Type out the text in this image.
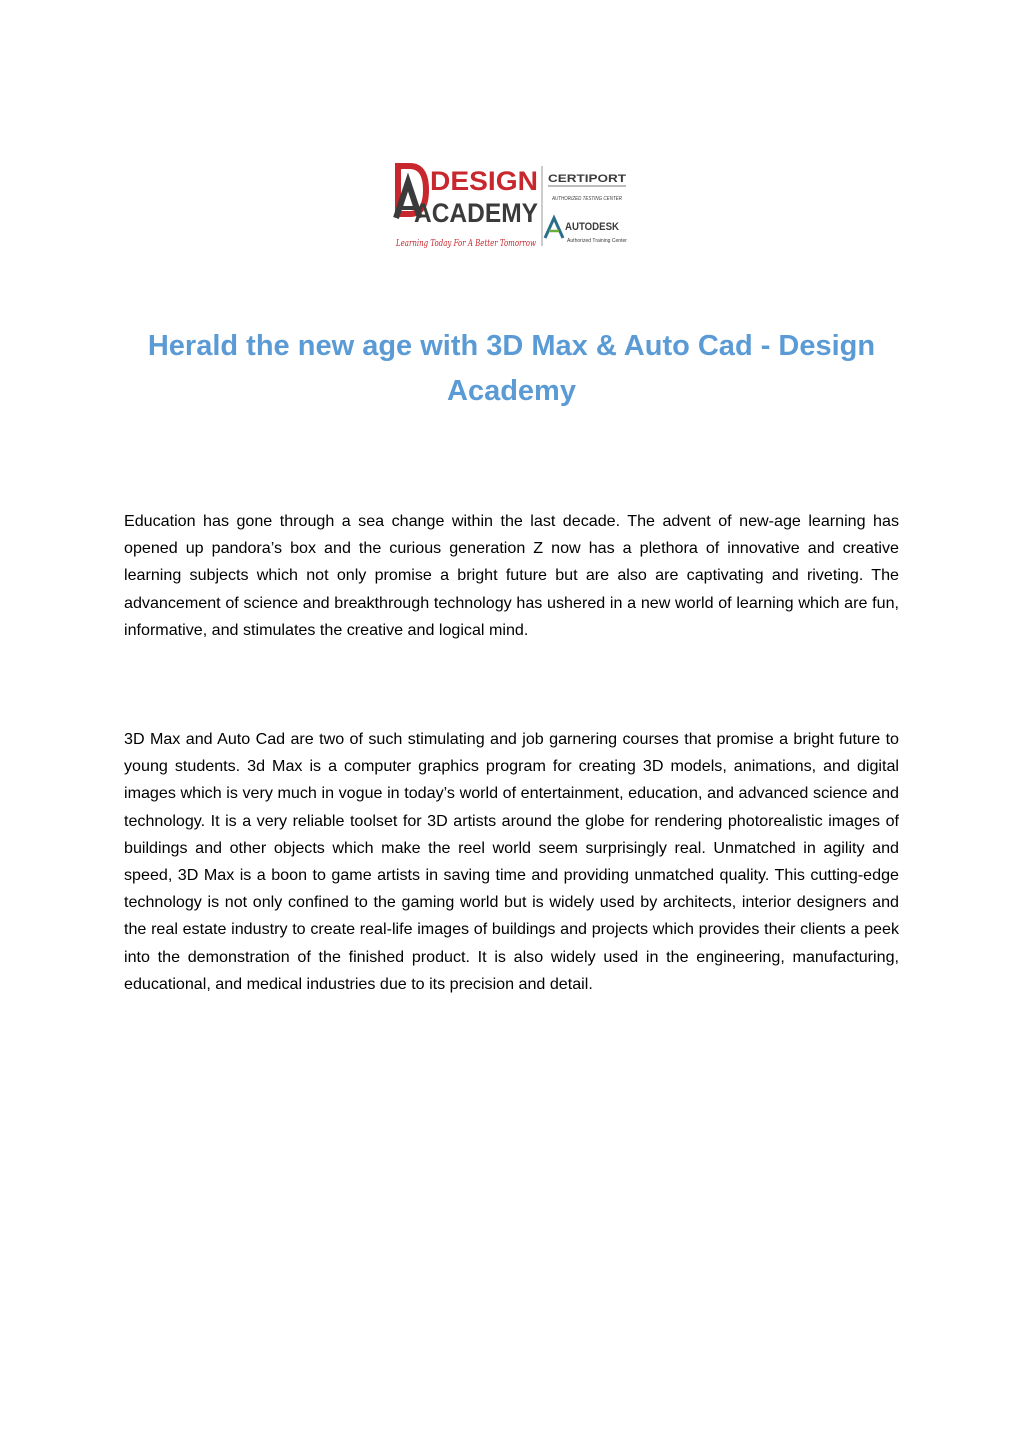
DESIGN
ACADEMY
Learning Today For A Better Tomorrow
CERTIPORT
AUTHORIZED TESTING CENTER
AUTODESK
Authorized Training Center
Herald the new age with 3D Max & Auto Cad - Design Academy

Education has gone through a sea change within the last decade. The advent of new-age learning has opened up pandora’s box and the curious generation Z now has a plethora of innovative and creative learning subjects which not only promise a bright future but are also are captivating and riveting. The advancement of science and breakthrough technology has ushered in a new world of learning which are fun, informative, and stimulates the creative and logical mind.

3D Max and Auto Cad are two of such stimulating and job garnering courses that promise a bright future to young students. 3d Max is a computer graphics program for creating 3D models, animations, and digital images which is very much in vogue in today’s world of entertainment, education, and advanced science and technology. It is a very reliable toolset for 3D artists around the globe for rendering photorealistic images of buildings and other objects which make the reel world seem surprisingly real. Unmatched in agility and speed, 3D Max is a boon to game artists in saving time and providing unmatched quality. This cutting-edge technology is not only confined to the gaming world but is widely used by architects, interior designers and the real estate industry to create real-life images of buildings and projects which provides their clients a peek into the demonstration of the finished product. It is also widely used in the engineering, manufacturing, educational, and medical industries due to its precision and detail.
